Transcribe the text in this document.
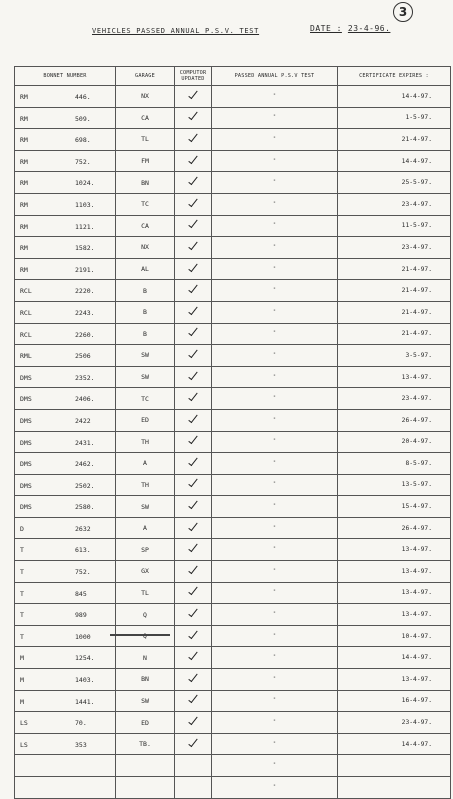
3
VEHICLES PASSED ANNUAL P.S.V. TEST	DATE : 23-4-96.
BONNET NUMBER	GARAGE	COMPUTOR UPDATED	PASSED ANNUAL P.S.V TEST	CERTIFICATE EXPIRES :

RM 446.	NX		"	14-4-97.

RM 509.	CA		"	1-5-97.

RM 698.	TL		"	21-4-97.

RM 752.	FM		"	14-4-97.

RM 1024.	BN		"	25-5-97.

RM 1103.	TC		"	23-4-97.

RM 1121.	CA		"	11-5-97.

RM 1582.	NX		"	23-4-97.

RM 2191.	AL		"	21-4-97.

RCL 2220.	B		"	21-4-97.

RCL 2243.	B		"	21-4-97.

RCL 2260.	B		"	21-4-97.

RML 2506	SW		"	3-5-97.

DMS 2352.	SW		"	13-4-97.

DMS 2406.	TC		"	23-4-97.

DMS 2422	ED		"	26-4-97.

DMS 2431.	TH		"	20-4-97.

DMS 2462.	A		"	8-5-97.

DMS 2502.	TH		"	13-5-97.

DMS 2580.	SW		"	15-4-97.

D 2632	A		"	26-4-97.

T 613.	SP		"	13-4-97.

T 752.	GX		"	13-4-97.

T 845	TL		"	13-4-97.

T 989	Q		"	13-4-97.

T 1000	Q		"	10-4-97.

M 1254.	N		"	14-4-97.

M 1403.	BN		"	13-4-97.

M 1441.	SW		"	16-4-97.

LS 70.	ED		"	23-4-97.

LS 353	TB.		"	14-4-97.
			"	
			"	
